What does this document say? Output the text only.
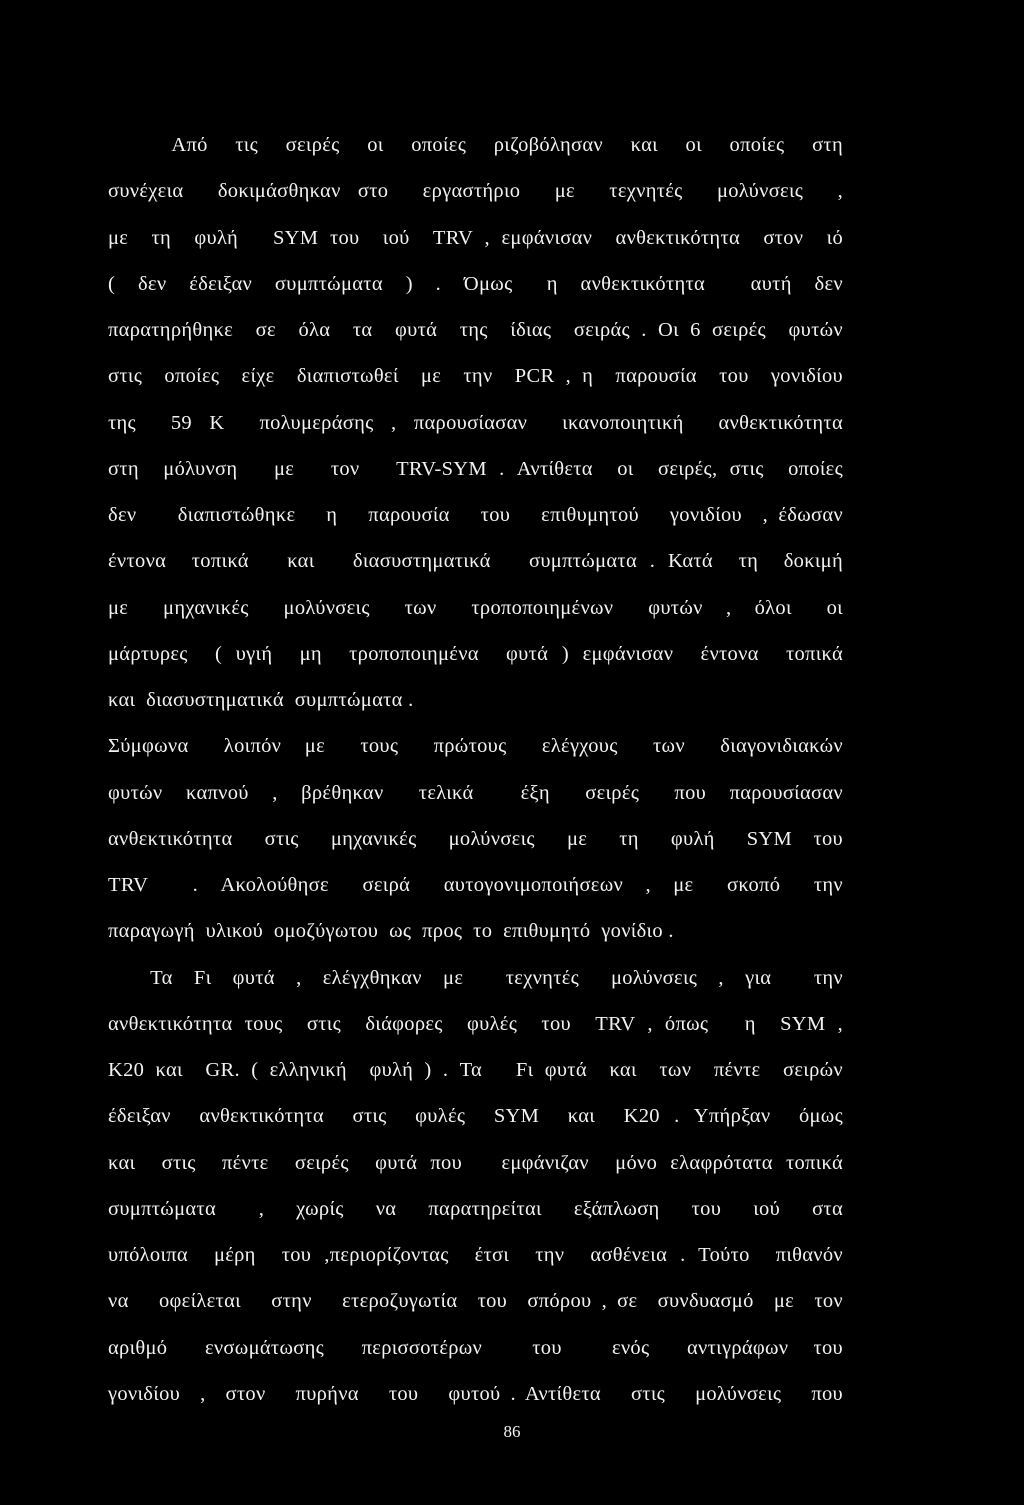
Από   τις   σειρές   οι   οποίες   ριζοβόλησαν   και   οι   οποίες   στη
συνέχεια  δοκιμάσθηκαν στο  εργαστήριο  με  τεχνητές  μολύνσεις  ,
με  τη  φυλή   SYM του  ιού  TRV , εμφάνισαν  ανθεκτικότητα  στον  ιό
(  δεν  έδειξαν  συμπτώματα  )  .  Όμως   η  ανθεκτικότητα    αυτή  δεν
παρατηρήθηκε  σε  όλα  τα  φυτά  της  ίδιας  σειράς . Οι 6 σειρές  φυτών
στις  οποίες  είχε  διαπιστωθεί  με  την  PCR , η  παρουσία  του  γονιδίου
της  59 Κ  πολυμεράσης , παρουσίασαν  ικανοποιητική  ανθεκτικότητα
στη  μόλυνση   με   τον   TRV-SYM . Αντίθετα  οι  σειρές, στις  οποίες
δεν    διαπιστώθηκε   η   παρουσία   του   επιθυμητού   γονιδίου  , έδωσαν
έντονα  τοπικά   και   διασυστηματικά   συμπτώματα . Κατά  τη  δοκιμή
με   μηχανικές   μολύνσεις   των   τροποποιημένων   φυτών  ,  όλοι   οι
μάρτυρες  ( υγιή  μη  τροποποιημένα  φυτά ) εμφάνισαν  έντονα  τοπικά
και  διασυστηματικά  συμπτώματα .
Σύμφωνα   λοιπόν  με   τους   πρώτους   ελέγχους   των   διαγονιδιακών
φυτών  καπνού  ,  βρέθηκαν   τελικά    έξη   σειρές   που  παρουσίασαν
ανθεκτικότητα   στις   μηχανικές   μολύνσεις   με   τη   φυλή   SYM  του
TRV    .  Ακολούθησε   σειρά   αυτογονιμοποιήσεων  ,  με   σκοπό   την
παραγωγή  υλικού  ομοζύγωτου  ως  προς  το  επιθυμητό  γονίδιο .
Τα  Fι  φυτά  ,  ελέγχθηκαν  με    τεχνητές   μολύνσεις  ,  για    την
ανθεκτικότητα τους  στις  διάφορες  φυλές  του  TRV , όπως   η  SYM ,
K20 και  GR. ( ελληνική  φυλή ) . Τα   Fι φυτά  και  των  πέντε  σειρών
έδειξαν  ανθεκτικότητα  στις  φυλές  SYM  και  K20 . Υπήρξαν  όμως
και  στις  πέντε  σειρές  φυτά που   εμφάνιζαν  μόνο ελαφρότατα τοπικά
συμπτώματα    ,   χωρίς   να   παρατηρείται   εξάπλωση   του   ιού   στα
υπόλοιπα  μέρη  του ,περιορίζοντας  έτσι  την  ασθένεια . Τούτο  πιθανόν
να   οφείλεται   στην   ετεροζυγωτία  του  σπόρου , σε  συνδυασμό  με  τον
αριθμό   ενσωμάτωσης   περισσοτέρων    του    ενός   αντιγράφων  του
γονιδίου  ,  στον   πυρήνα   του   φυτού . Αντίθετα   στις   μολύνσεις   που
86
